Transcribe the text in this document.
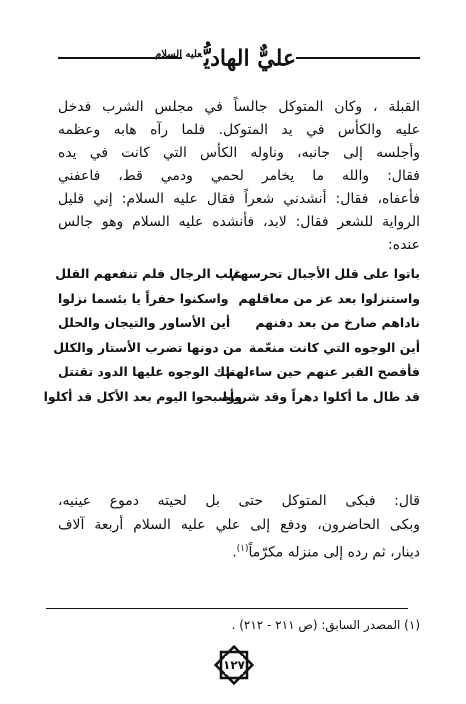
عليٌّ الهاديُّ$^{عليه السلام}$
القبلة ، وكان المتوكل جالساً في مجلس الشرب فدخل
عليه والكأس في يد المتوكل. فلما رآه هابه وعظمه
وأجلسه إلى جانبه، وناوله الكأس التي كانت في يده
فقال: والله ما يخامر لحمي ودمي قط، فاعفني
فأعفاه، فقال: أنشدني شعراً فقال عليه السلام: إني قليل
الرواية للشعر فقال: لابد، فأنشده عليه السلام وهو جالس
عنده:
باتوا على قلل الأجبال تحرسهم
غلب الرجال فلم تنفعهم القلل
واستنزلوا بعد عز من معاقلهم
واسكنوا حفراً يا بئسما نزلوا
ناداهم صارخ من بعد دفنهم
أين الأساور والتيجان والحلل
أين الوجوه التي كانت منعّمة
من دونها تضرب الأستار والكلل
فأفصح القبر عنهم حين ساءلهم
تلك الوجوه عليها الدود تقتتل
قد طال ما أكلوا دهراً وقد شربوا
وأصبحوا اليوم بعد الأكل قد أكلوا
قال: فبكى المتوكل حتى بل لحيته دموع عينيه،
وبكى الحاضرون، ودفع إلى علي عليه السلام أربعة آلاف
دينار، ثم رده إلى منزله مكرّماً$^{(١)}$.
(١) المصدر السابق: (ص ٢١١ - ٢١٢) .
١٢٧
